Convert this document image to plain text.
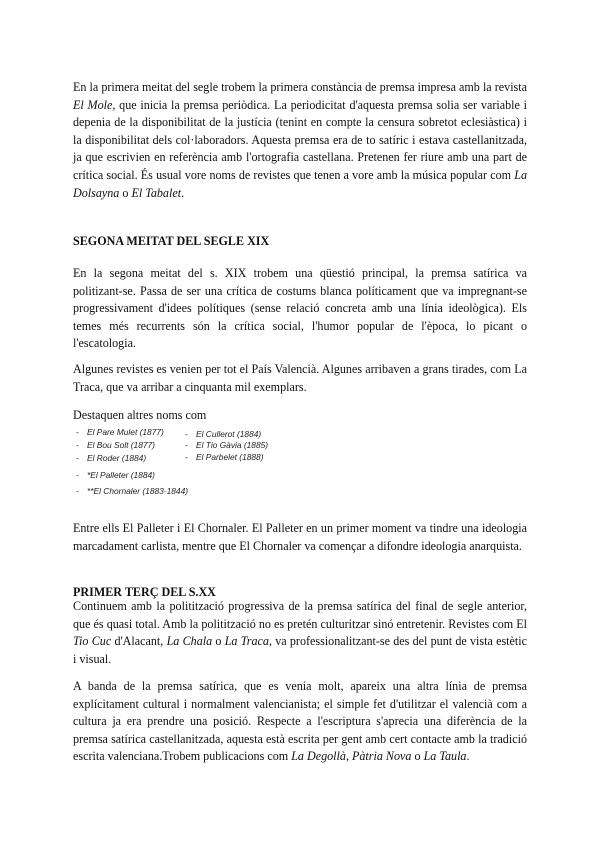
En la primera meitat del segle trobem la primera constància de premsa impresa amb la revista
El Mole, que inicia la premsa periòdica. La periodicitat d'aquesta premsa solia ser variable i
depenia de la disponibilitat de la justícia (tenint en compte la censura sobretot eclesiàstica) i
la disponibilitat dels col·laboradors. Aquesta premsa era de to satíric i estava castellanitzada,
ja que escrivien en referència amb l'ortografia castellana. Pretenen fer riure amb una part de
crítica social. És usual vore noms de revistes que tenen a vore amb la música popular com La
Dolsayna o El Tabalet.
SEGONA MEITAT DEL SEGLE XIX
En la segona meitat del s. XIX trobem una qüestió principal, la premsa satírica va
politizant-se. Passa de ser una crítica de costums blanca políticament que va impregnant-se
progressivament d'idees polítiques (sense relació concreta amb una línia ideològica). Els
temes més recurrents són la crítica social, l'humor popular de l'època, lo picant o
l'escatologia.
Algunes revistes es venien per tot el País Valencià. Algunes arribaven a grans tirades, com La
Traca, que va arribar a cinquanta mil exemplars.
Destaquen altres noms com
- El Pare Mulet (1877)
- El Bou Solt (1877)
- El Roder (1884)
- *El Palleter (1884)
- **El Chornaler (1883-1844)
- El Cullerot (1884)
- El Tio Gàvia (1885)
- El Parbelet (1888)
Entre ells El Palleter i El Chornaler. El Palleter en un primer moment va tindre una ideologia
marcadament carlista, mentre que El Chornaler va començar a difondre ideologia anarquista.
PRIMER TERÇ DEL S.XX
Continuem amb la politització progressiva de la premsa satírica del final de segle anterior,
que és quasi total. Amb la politització no es pretén culturitzar sinó entretenir. Revistes com El
Tio Cuc d'Alacant, La Chala o La Traca, va professionalitzant-se des del punt de vista estètic
i visual.
A banda de la premsa satírica, que es venia molt, apareix una altra línia de premsa
explícitament cultural i normalment valencianista; el simple fet d'utilitzar el valencià com a
cultura ja era prendre una posició. Respecte a l'escriptura s'aprecia una diferència de la
premsa satírica castellanitzada, aquesta està escrita per gent amb cert contacte amb la tradició
escrita valenciana.Trobem publicacions com La Degollà, Pàtria Nova o La Taula.
